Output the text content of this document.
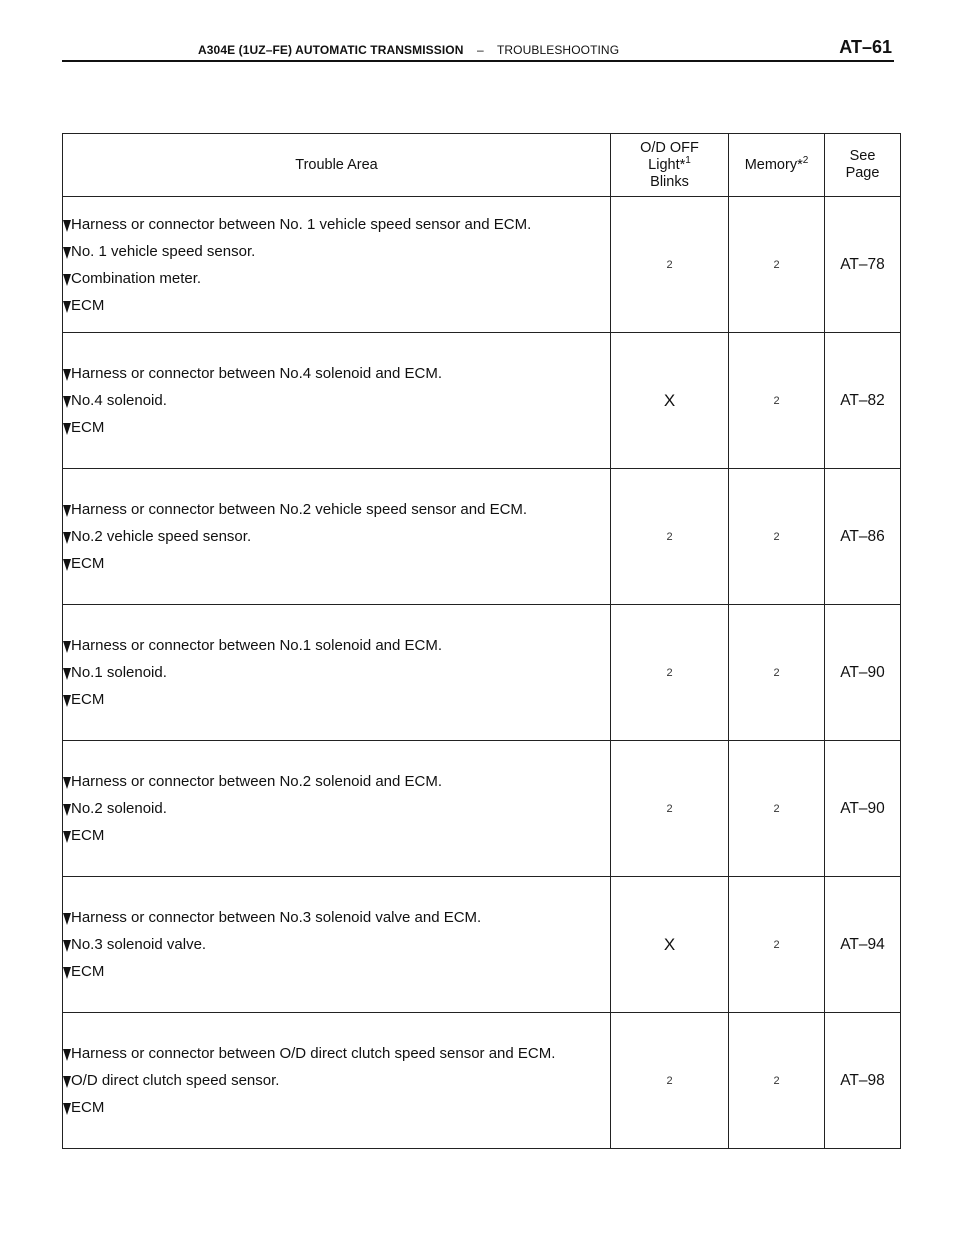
A304E (1UZ–FE) AUTOMATIC TRANSMISSION – TROUBLESHOOTING	AT–61
Trouble Area	O/D OFF
Light*$^1$
Blinks	Memory*$^2$	See
Page

Harness or connector between No. 1 vehicle speed sensor and ECM.
No. 1 vehicle speed sensor.
Combination meter.
ECM	2	2	AT–78

Harness or connector between No.4 solenoid and ECM.
No.4 solenoid.
ECM	X	2	AT–82

Harness or connector between No.2 vehicle speed sensor and ECM.
No.2 vehicle speed sensor.
ECM	2	2	AT–86

Harness or connector between No.1 solenoid and ECM.
No.1 solenoid.
ECM	2	2	AT–90

Harness or connector between No.2 solenoid and ECM.
No.2 solenoid.
ECM	2	2	AT–90

Harness or connector between No.3 solenoid valve and ECM.
No.3 solenoid valve.
ECM	X	2	AT–94

Harness or connector between O/D direct clutch speed sensor and ECM.
O/D direct clutch speed sensor.
ECM	2	2	AT–98
